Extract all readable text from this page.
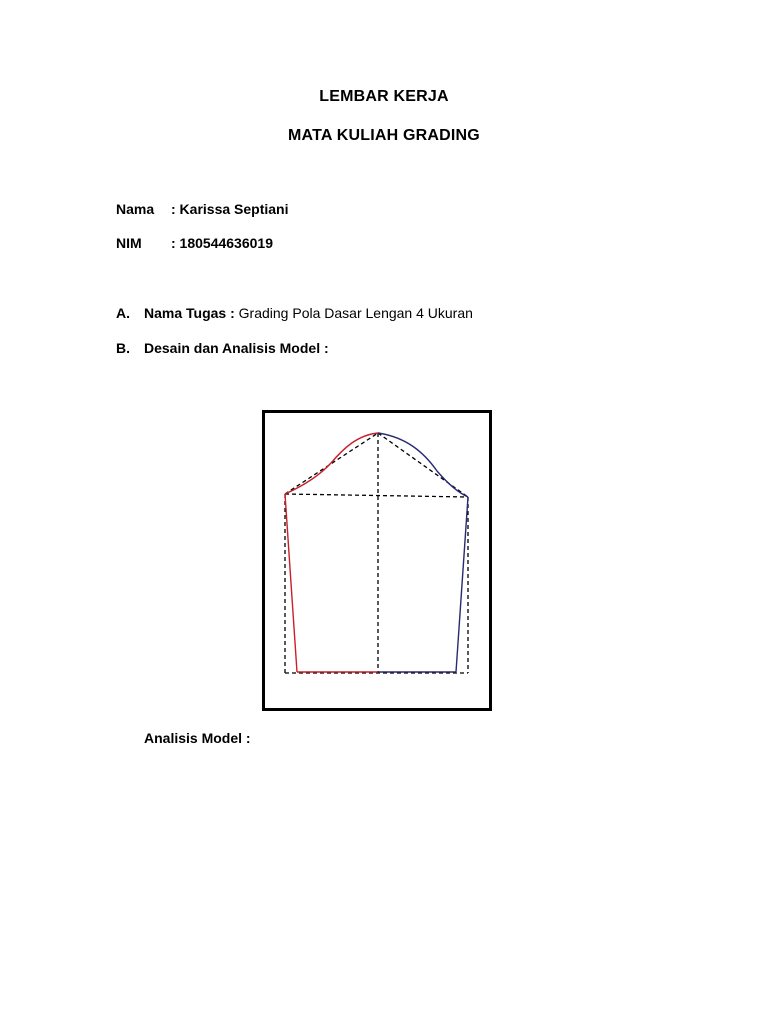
LEMBAR KERJA
MATA KULIAH GRADING
Nama : Karissa Septiani
NIM : 180544636019
A. Nama Tugas : Grading Pola Dasar Lengan 4 Ukuran
B. Desain dan Analisis Model :
Analisis Model :
